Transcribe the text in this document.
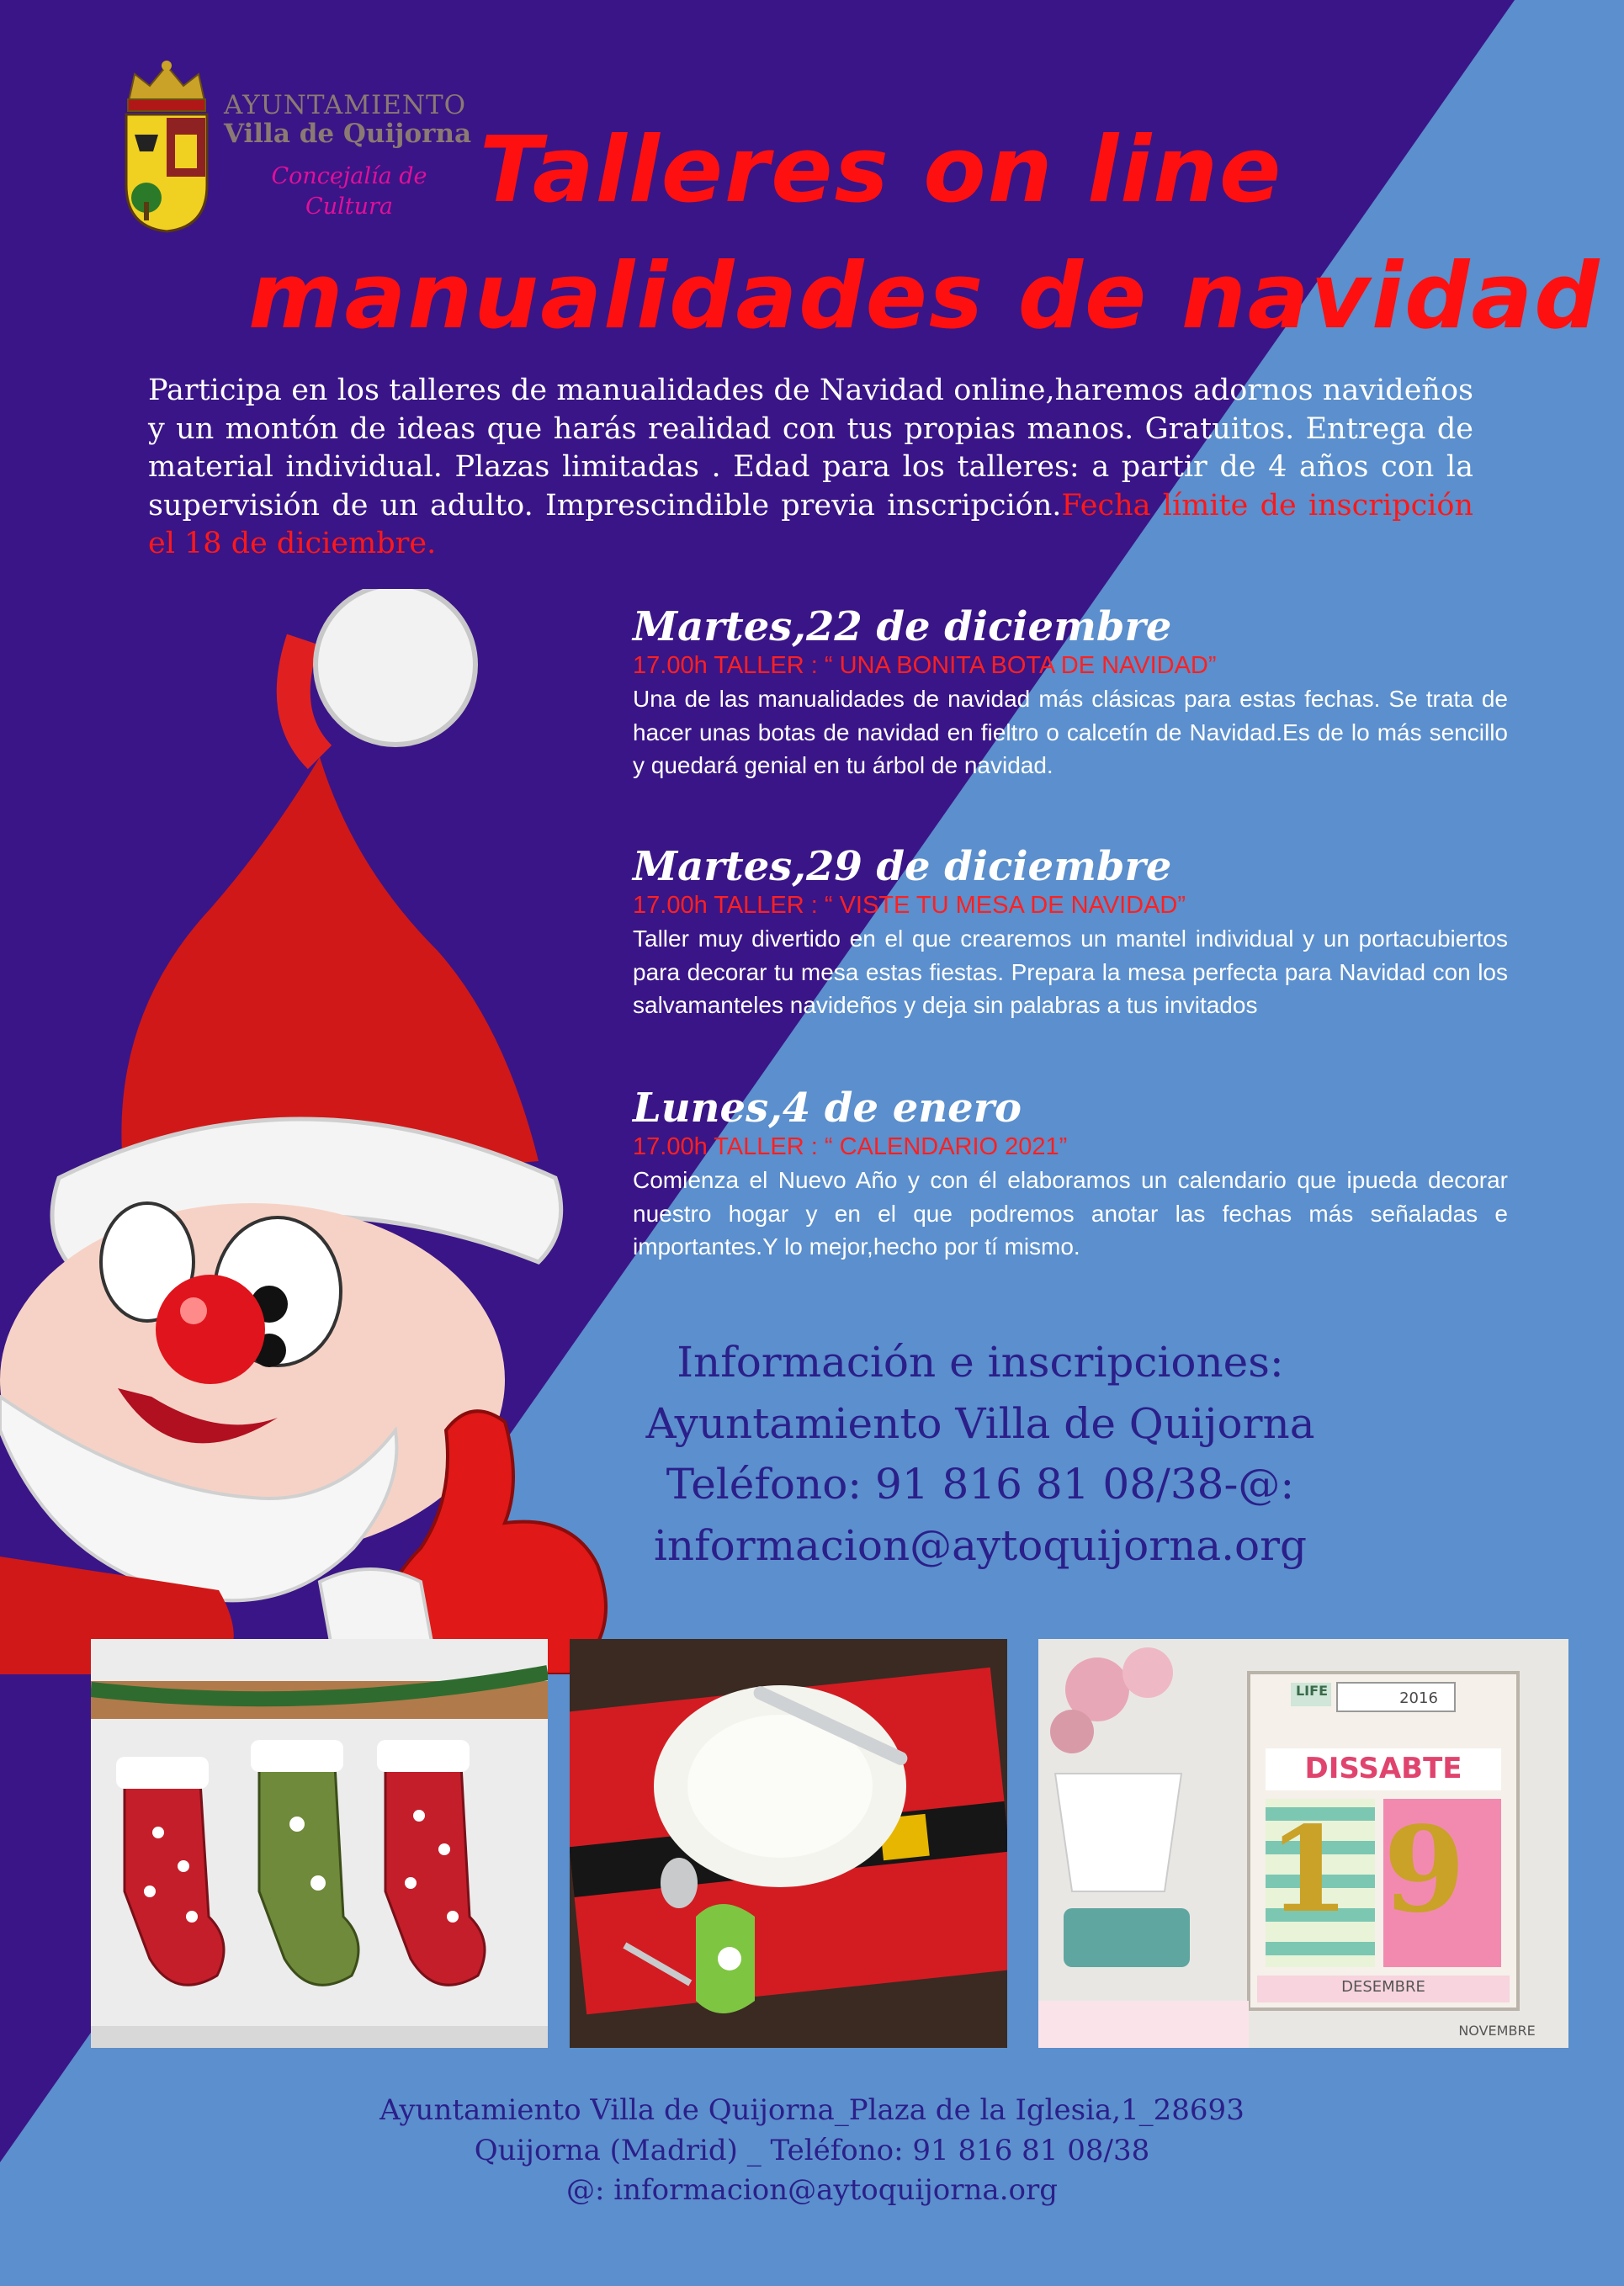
AYUNTAMIENTO
Villa de Quijorna
Concejalía de
Cultura Talleres on line
manualidades de navidad
Participa en los talleres de manualidades de Navidad online,haremos adornos navideños y un montón de ideas que harás realidad con tus propias manos. Gratuitos. Entrega de material individual. Plazas limitadas . Edad para los talleres: a partir de 4 años con la supervisión de un adulto. Imprescindible previa inscripción.Fecha límite de inscripción el 18 de diciembre.
Martes,22 de diciembre
17.00h TALLER : “ UNA BONITA BOTA DE NAVIDAD”
Una de las manualidades de navidad más clásicas para estas fechas. Se trata de hacer unas botas de navidad en fieltro o calcetín de Navidad.Es de lo más sencillo y quedará genial en tu árbol de navidad.
Martes,29 de diciembre
17.00h TALLER : “ VISTE TU MESA DE NAVIDAD”
Taller muy divertido en el que crearemos un mantel individual y un portacubiertos para decorar tu mesa estas fiestas. Prepara la mesa perfecta para Navidad con los salvamanteles navideños y deja sin palabras a tus invitados
Lunes,4 de enero
17.00h TALLER : “ CALENDARIO 2021”
Comienza el Nuevo Año y con él elaboramos un calendario que ipueda decorar nuestro hogar y en el que podremos anotar las fechas más señaladas e importantes.Y lo mejor,hecho por tí mismo.
Información e inscripciones:
Ayuntamiento Villa de Quijorna
Teléfono: 91 816 81 08/38-@:
informacion@aytoquijorna.org
2016
LIFE
DISSABTE
19
DESEMBRE
NOVEMBRE
Ayuntamiento Villa de Quijorna_Plaza de la Iglesia,1_28693
Quijorna (Madrid) _ Teléfono: 91 816 81 08/38
@: informacion@aytoquijorna.org
